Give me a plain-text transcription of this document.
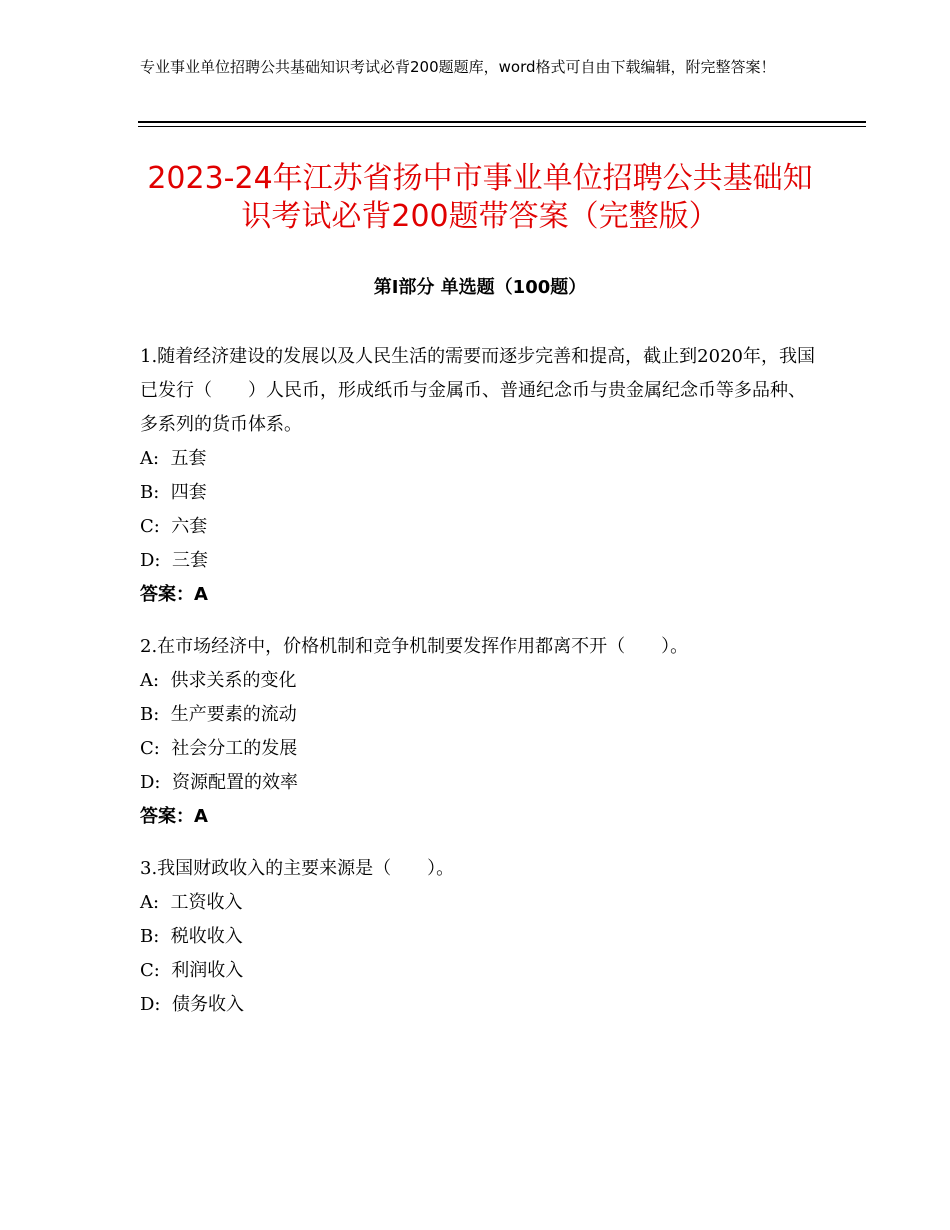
专业事业单位招聘公共基础知识考试必背200题题库，word格式可自由下载编辑，附完整答案！
2023-24年江苏省扬中市事业单位招聘公共基础知识考试必背200题带答案（完整版）
第Ⅰ部分 单选题（100题）
1.随着经济建设的发展以及人民生活的需要而逐步完善和提高，截止到2020年，我国已发行（　　）人民币，形成纸币与金属币、普通纪念币与贵金属纪念币等多品种、多系列的货币体系。
A:  五套
B:  四套
C:  六套
D:  三套
答案：A
2.在市场经济中，价格机制和竞争机制要发挥作用都离不开（　　）。
A:  供求关系的变化
B:  生产要素的流动
C:  社会分工的发展
D:  资源配置的效率
答案：A
3.我国财政收入的主要来源是（　　）。
A:  工资收入
B:  税收收入
C:  利润收入
D:  债务收入
